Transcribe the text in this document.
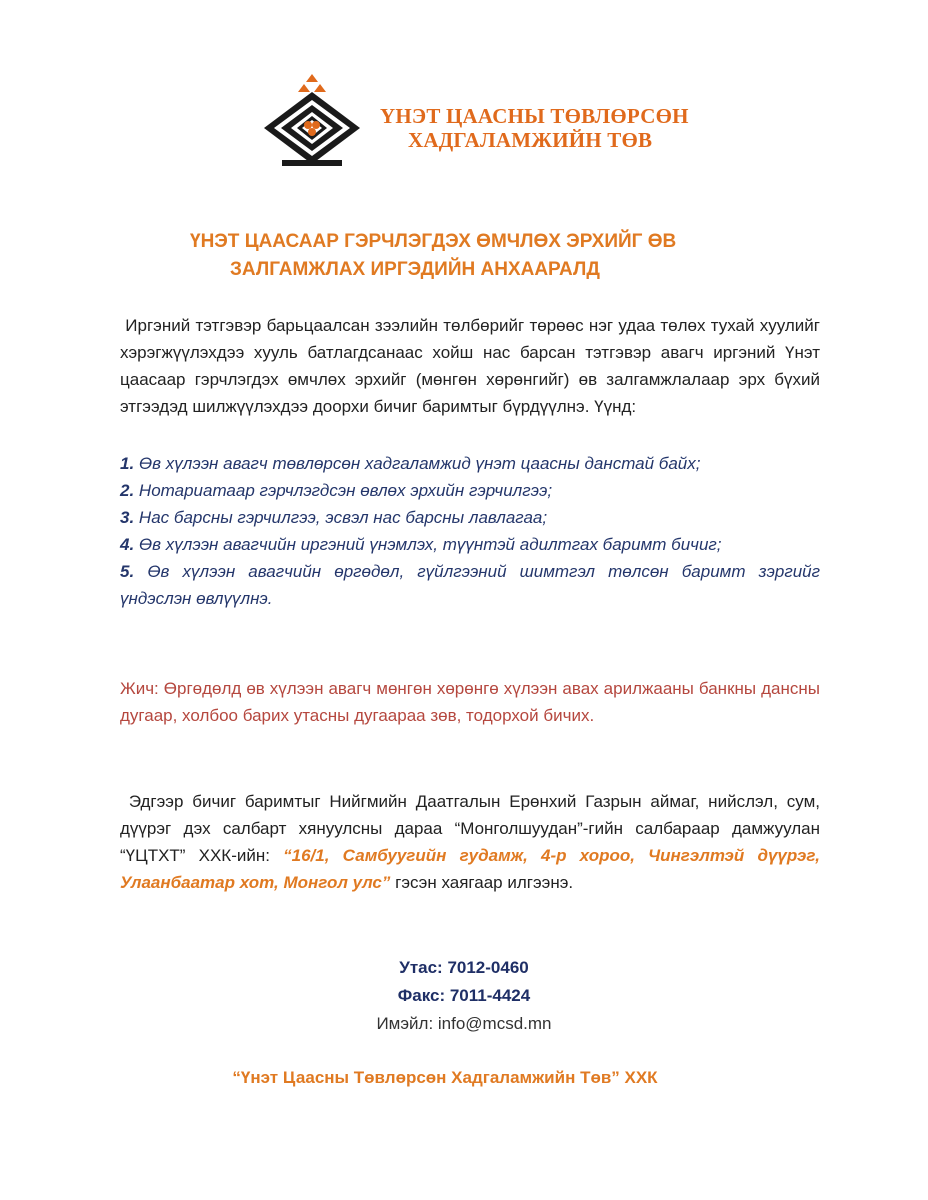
ҮНЭТ ЦААСНЫ ТӨВЛӨРСӨН
ХАДГАЛАМЖИЙН ТӨВ
ҮНЭТ ЦААСААР ГЭРЧЛЭГДЭХ ӨМЧЛӨХ ЭРХИЙГ ӨВ
ЗАЛГАМЖЛАХ ИРГЭДИЙН АНХААРАЛД
Иргэний тэтгэвэр барьцаалсан зээлийн төлбөрийг төрөөс нэг удаа төлөх тухай хуулийг хэрэгжүүлэхдээ хууль батлагдсанаас хойш нас барсан тэтгэвэр авагч иргэний Үнэт цаасаар гэрчлэгдэх өмчлөх эрхийг (мөнгөн хөрөнгийг) өв залгамжлалаар эрх бүхий этгээдэд шилжүүлэхдээ доорхи бичиг баримтыг бүрдүүлнэ. Үүнд:
1. Өв хүлээн авагч төвлөрсөн хадгаламжид үнэт цаасны данстай байх;
2. Нотариатаар гэрчлэгдсэн өвлөх эрхийн гэрчилгээ;
3. Нас барсны гэрчилгээ, эсвэл нас барсны лавлагаа;
4. Өв хүлээн авагчийн иргэний үнэмлэх, түүнтэй адилтгах баримт бичиг;
5. Өв хүлээн авагчийн өргөдөл, гүйлгээний шимтгэл төлсөн баримт зэргийг үндэслэн өвлүүлнэ.
Жич: Өргөдөлд өв хүлээн авагч мөнгөн хөрөнгө хүлээн авах арилжааны банкны дансны дугаар, холбоо барих утасны дугаараа зөв, тодорхой бичих.
Эдгээр бичиг баримтыг Нийгмийн Даатгалын Ерөнхий Газрын аймаг, нийслэл, сум, дүүрэг дэх салбарт хянуулсны дараа “Монголшуудан”-гийн салбараар дамжуулан “ҮЦТХТ” ХХК-ийн: “16/1, Самбуугийн гудамж, 4-р хороо, Чингэлтэй дүүрэг, Улаанбаатар хот, Монгол улс” гэсэн хаягаар илгээнэ.
Утас: 7012-0460
Факс: 7011-4424
Имэйл: info@mcsd.mn
“Үнэт Цаасны Төвлөрсөн Хадгаламжийн Төв” ХХК
